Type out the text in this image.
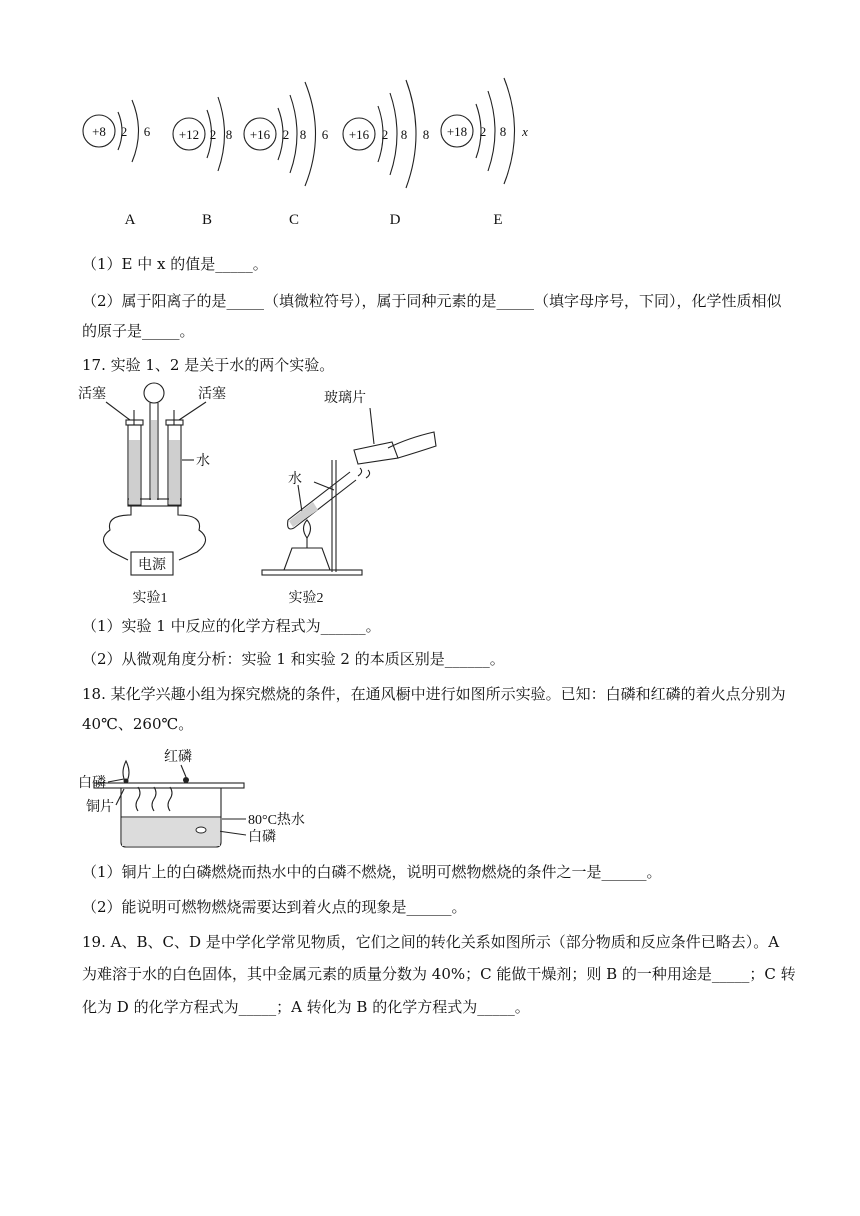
+8 2 6 +12 2 8 +16 2 8 6 +16 2 8 8 +18 2 8 x
A	B	C	D	E
（1）E 中 x 的值是_____。
（2）属于阳离子的是_____（填微粒符号），属于同种元素的是_____（填字母序号，下同），化学性质相似
的原子是_____。
17. 实验 1、2 是关于水的两个实验。
活塞	活塞
水
电源
实验1
玻璃片
水
实验2
（1）实验 1 中反应的化学方程式为______。
（2）从微观角度分析：实验 1 和实验 2 的本质区别是______。
18. 某化学兴趣小组为探究燃烧的条件，在通风橱中进行如图所示实验。已知：白磷和红磷的着火点分别为
40℃、260℃。
红磷
白磷
铜片
80°C热水
白磷
（1）铜片上的白磷燃烧而热水中的白磷不燃烧，说明可燃物燃烧的条件之一是______。
（2）能说明可燃物燃烧需要达到着火点的现象是______。
19. A、B、C、D 是中学化学常见物质，它们之间的转化关系如图所示（部分物质和反应条件已略去）。A
为难溶于水的白色固体，其中金属元素的质量分数为 40%；C 能做干燥剂；则 B 的一种用途是_____；C 转
化为 D 的化学方程式为_____；A 转化为 B 的化学方程式为_____。
